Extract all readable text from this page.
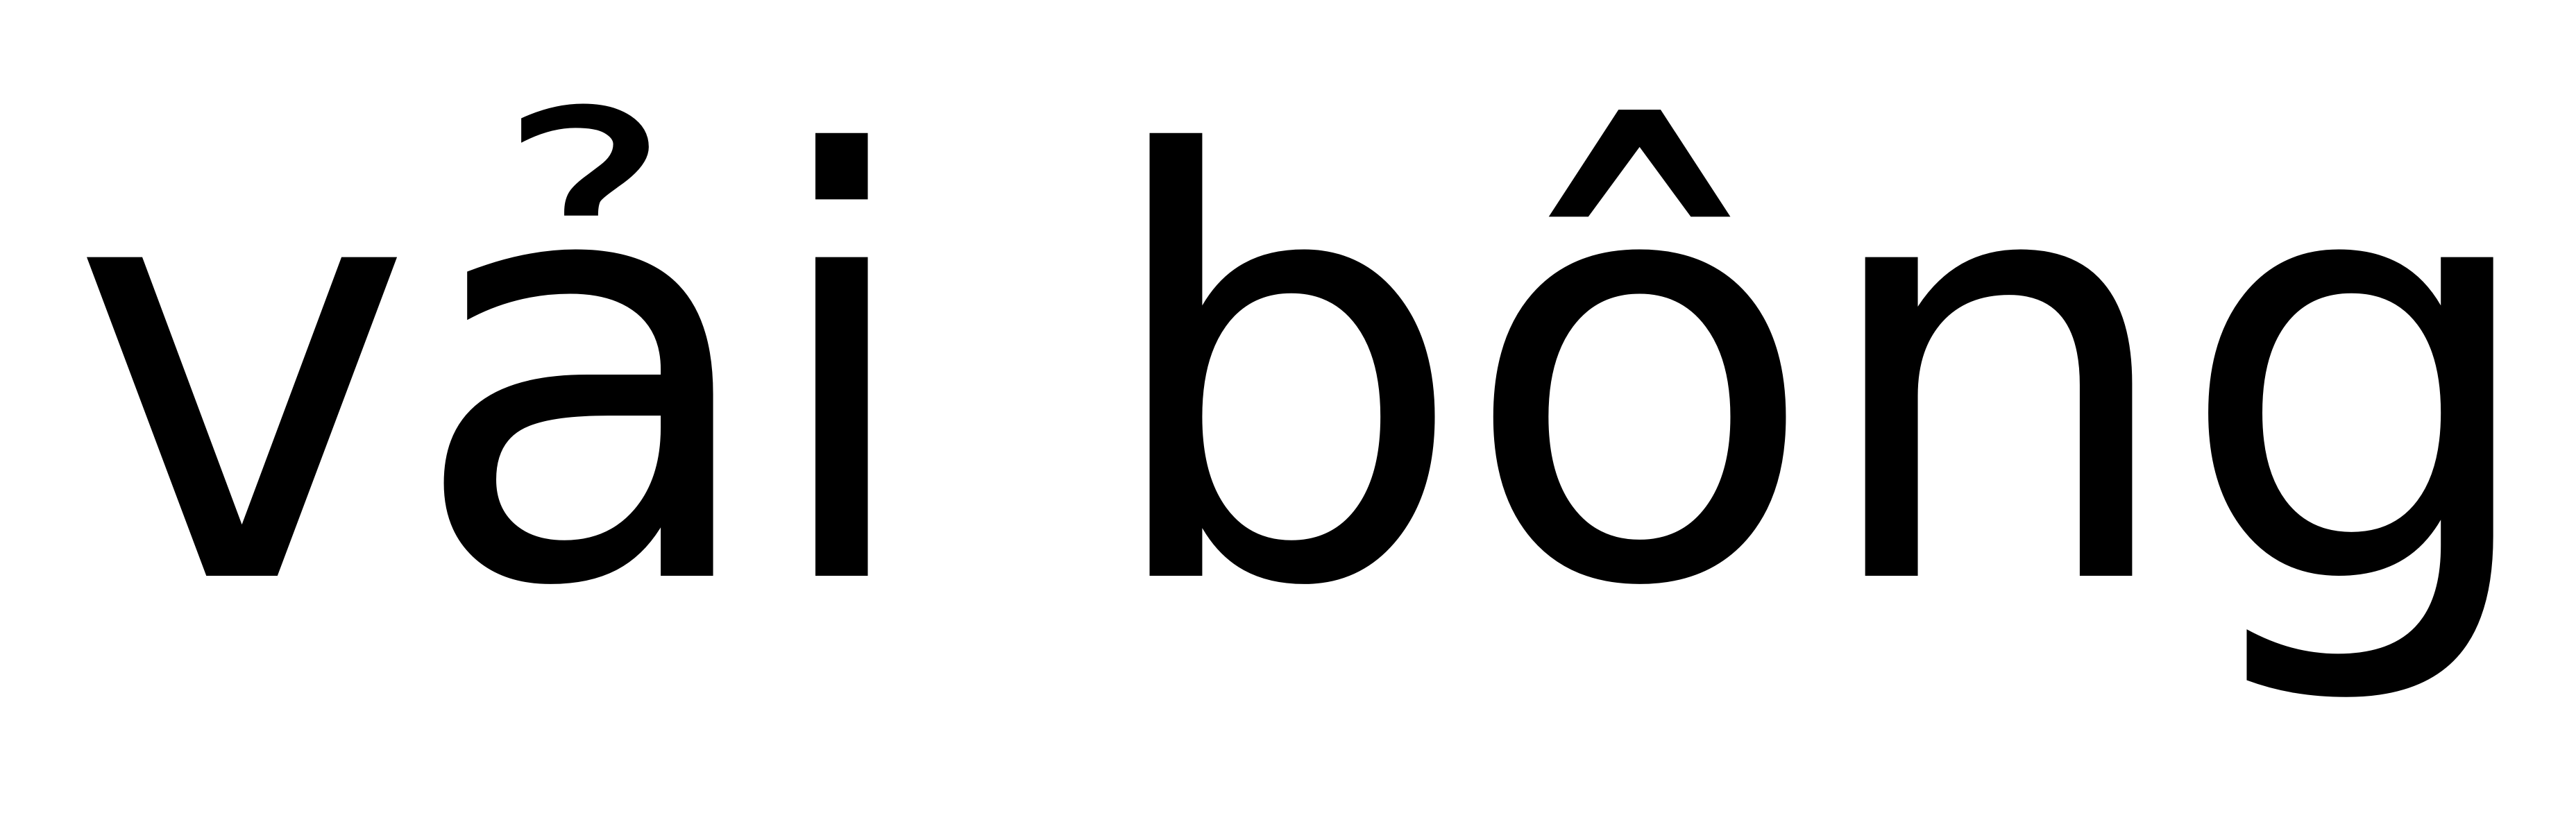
vải bông
